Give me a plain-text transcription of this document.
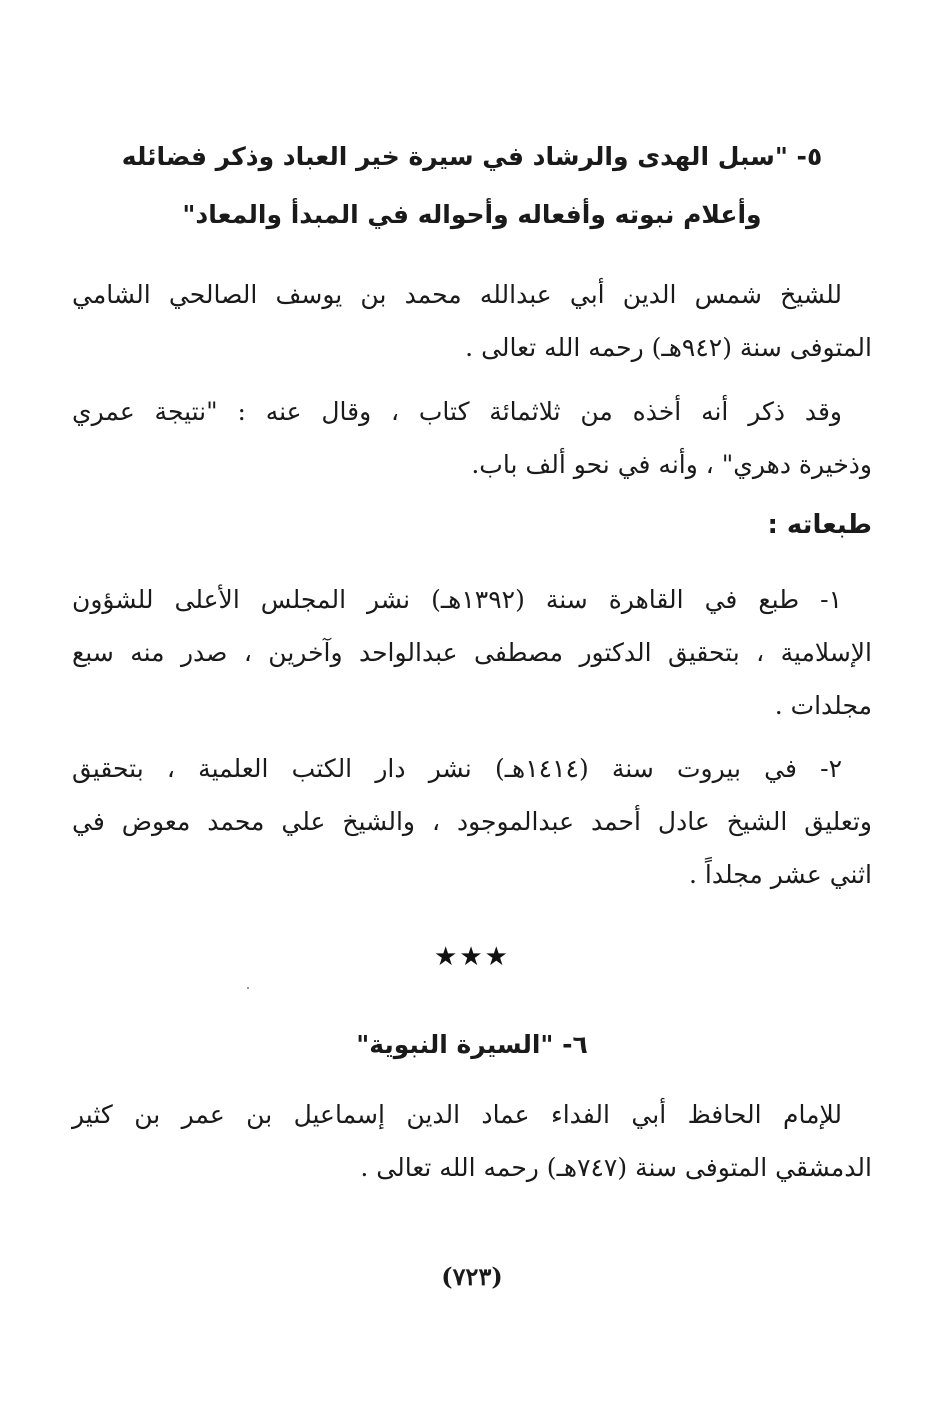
٥- "سبل الهدى والرشاد في سيرة خير العباد وذكر فضائله
وأعلام نبوته وأفعاله وأحواله في المبدأ والمعاد"
للشيخ شمس الدين أبي عبدالله محمد بن يوسف الصالحي الشامي
المتوفى سنة (٩٤٢هـ) رحمه الله تعالى .
وقد ذكر أنه أخذه من ثلاثمائة كتاب ، وقال عنه : "نتيجة عمري
وذخيرة دهري" ، وأنه في نحو ألف باب.
طبعاته :
١- طبع في القاهرة سنة (١٣٩٢هـ) نشر المجلس الأعلى للشؤون
الإسلامية ، بتحقيق الدكتور مصطفى عبدالواحد وآخرين ، صدر منه سبع
مجلدات .
٢- في بيروت سنة (١٤١٤هـ) نشر دار الكتب العلمية ، بتحقيق
وتعليق الشيخ عادل أحمد عبدالموجود ، والشيخ علي محمد معوض في
اثني عشر مجلداً .
★★★
٦- "السيرة النبوية"
للإمام الحافظ أبي الفداء عماد الدين إسماعيل بن عمر بن كثير
الدمشقي المتوفى سنة (٧٤٧هـ) رحمه الله تعالى .
(٧٢٣)
